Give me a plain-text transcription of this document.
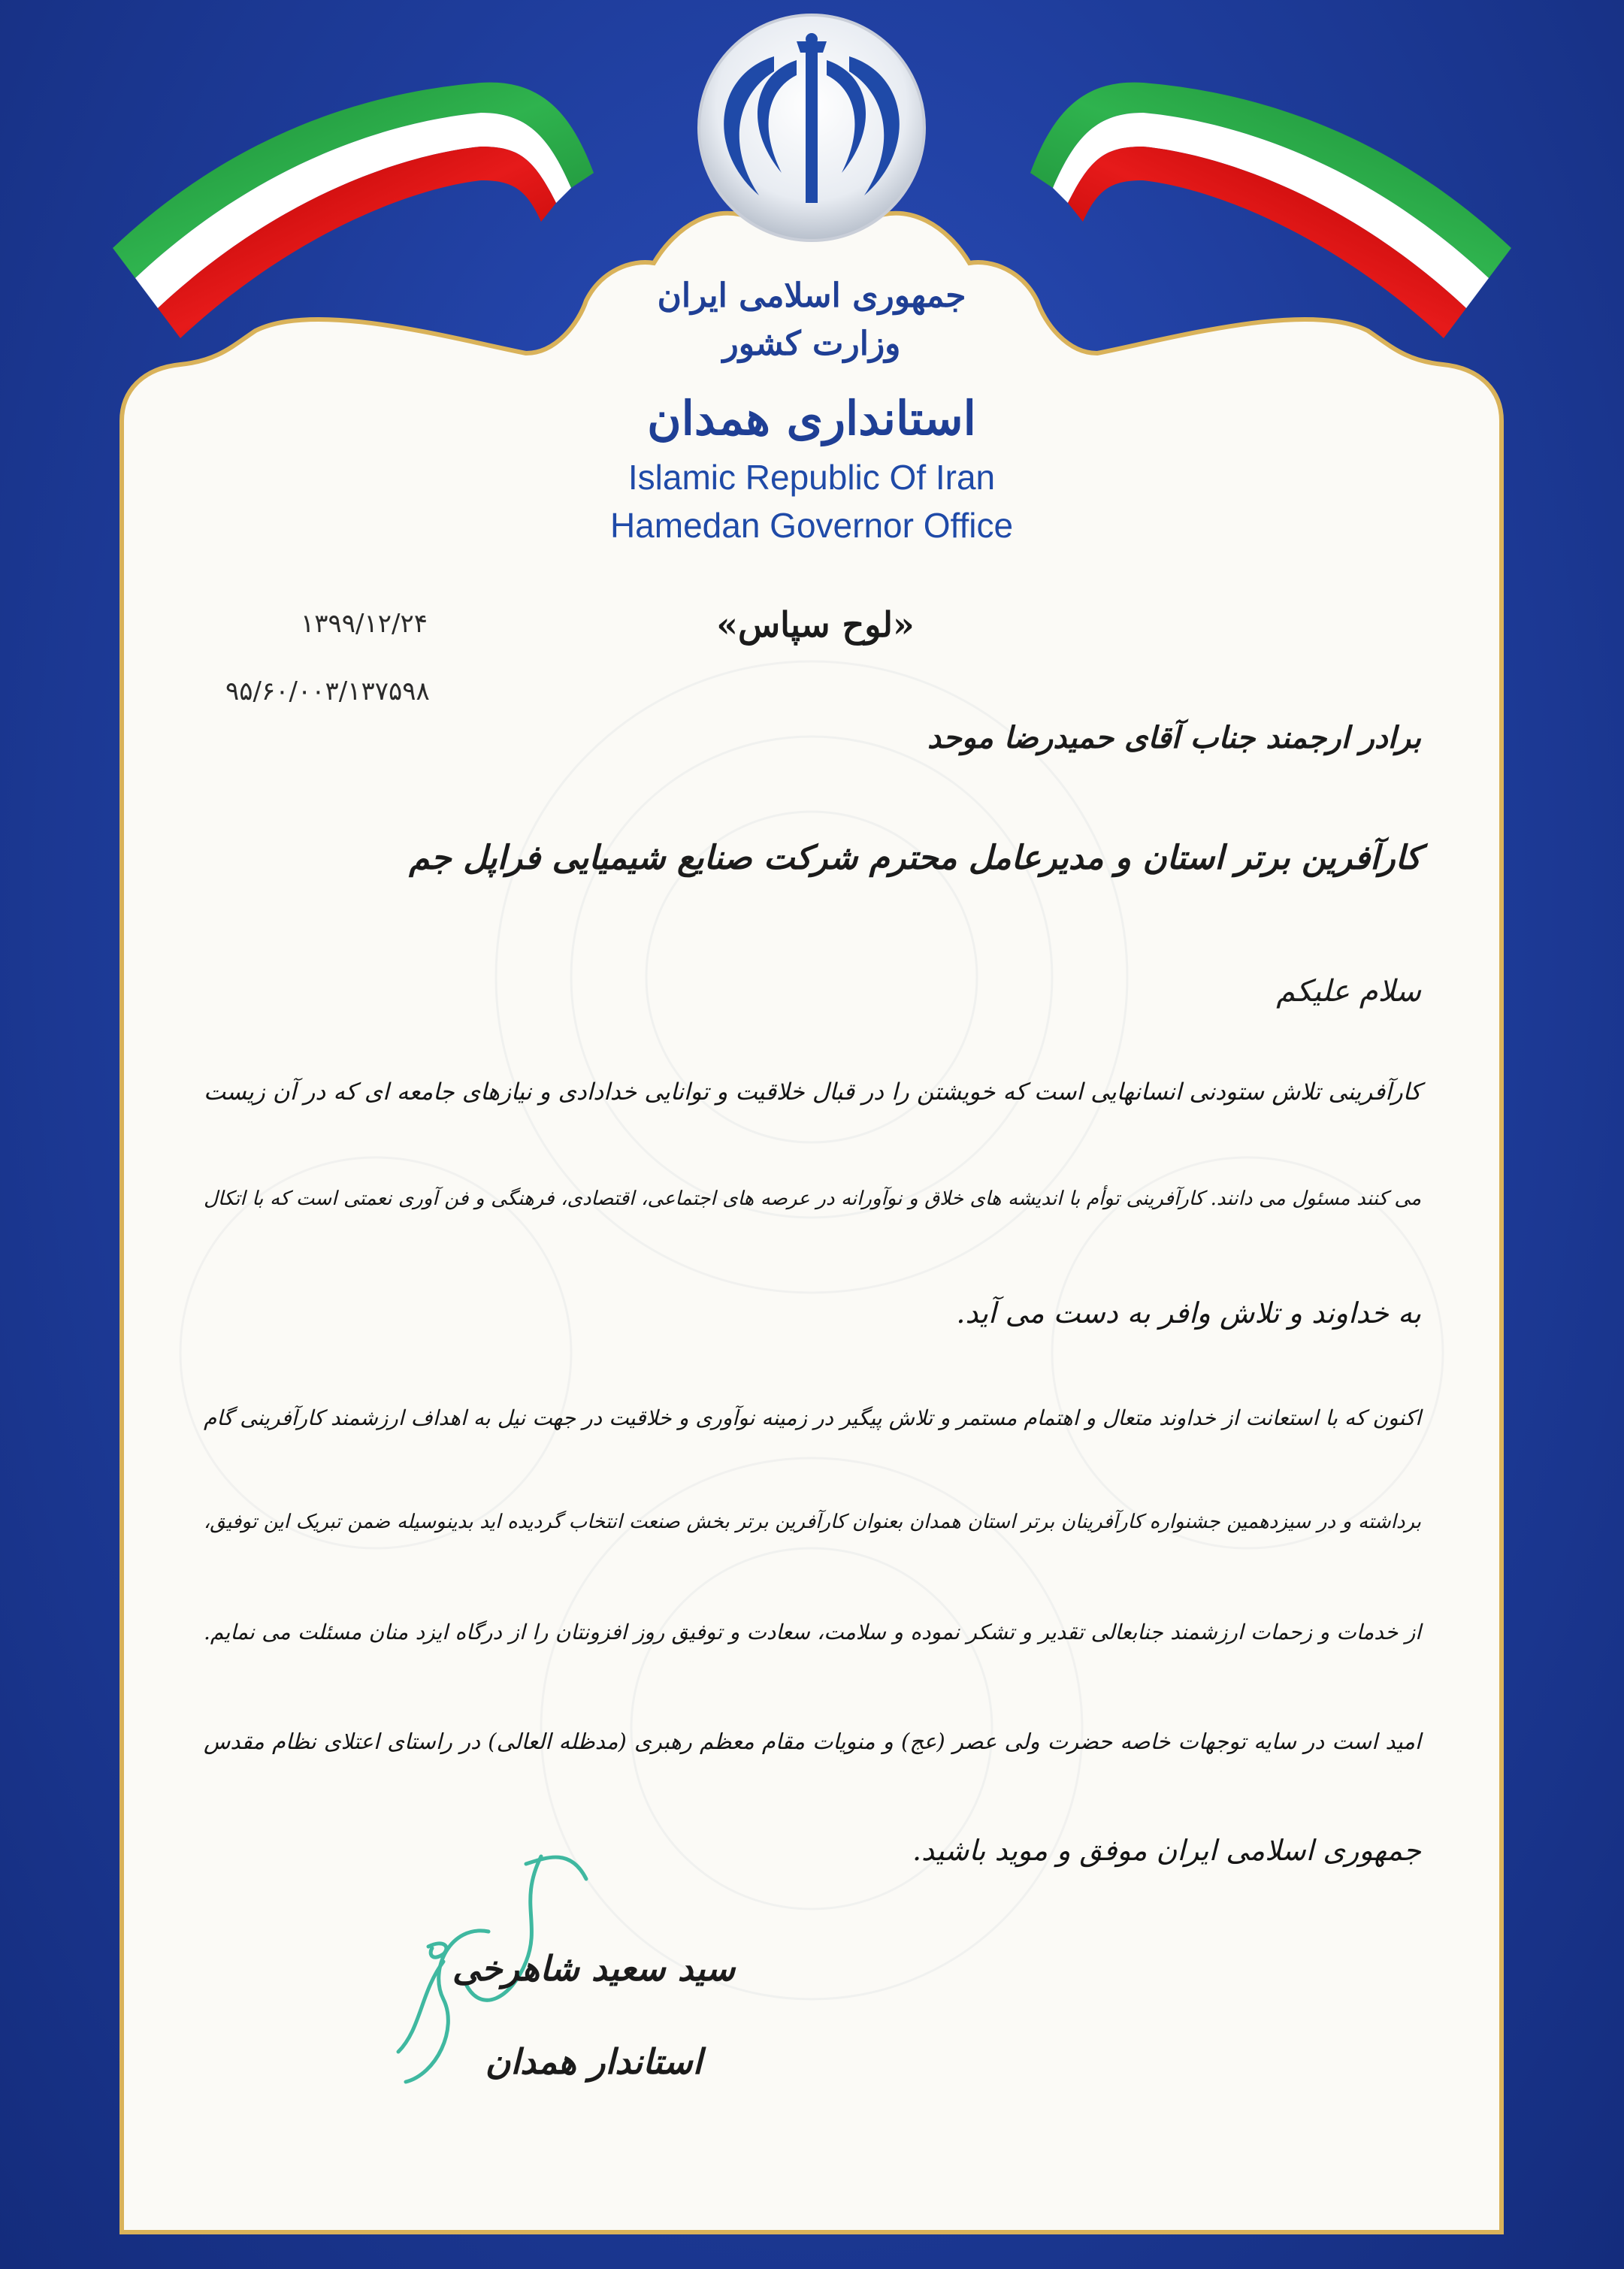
جمهوری اسلامی ایران
وزارت کشور
استانداری همدان
Islamic Republic Of Iran
Hamedan Governor Office
«لوح سپاس»
۱۳۹۹/۱۲/۲۴
۹۵/۶۰/۰۰۳/۱۳۷۵۹۸
برادر ارجمند جناب آقای حمیدرضا موحد
کارآفرین برتر استان و مدیرعامل محترم شرکت صنایع شیمیایی فراپل جم
سلام علیکم
کارآفرینی تلاش ستودنی انسانهایی است که خویشتن را در قبال خلاقیت و توانایی خدادادی و نیازهای جامعه ای که در آن زیست
می کنند مسئول می دانند. کارآفرینی توأم با اندیشه های خلاق و نوآورانه در عرصه های اجتماعی، اقتصادی، فرهنگی و فن آوری نعمتی است که با اتکال
به خداوند و تلاش وافر به دست می آید.
اکنون که با استعانت از خداوند متعال و اهتمام مستمر و تلاش پیگیر در زمینه نوآوری و خلاقیت در جهت نیل به اهداف ارزشمند کارآفرینی گام
برداشته و در سیزدهمین جشنواره کارآفرینان برتر استان همدان بعنوان کارآفرین برتر بخش صنعت انتخاب گردیده اید بدینوسیله ضمن تبریک این توفیق،
از خدمات و زحمات ارزشمند جنابعالی تقدیر و تشکر نموده و سلامت، سعادت و توفیق روز افزونتان را از درگاه ایزد منان مسئلت می نمایم.
امید است در سایه توجهات خاصه حضرت ولی عصر (عج) و منویات مقام معظم رهبری (مدظله العالی) در راستای اعتلای نظام مقدس
جمهوری اسلامی ایران موفق و موید باشید.
سید سعید شاهرخی
استاندار همدان
